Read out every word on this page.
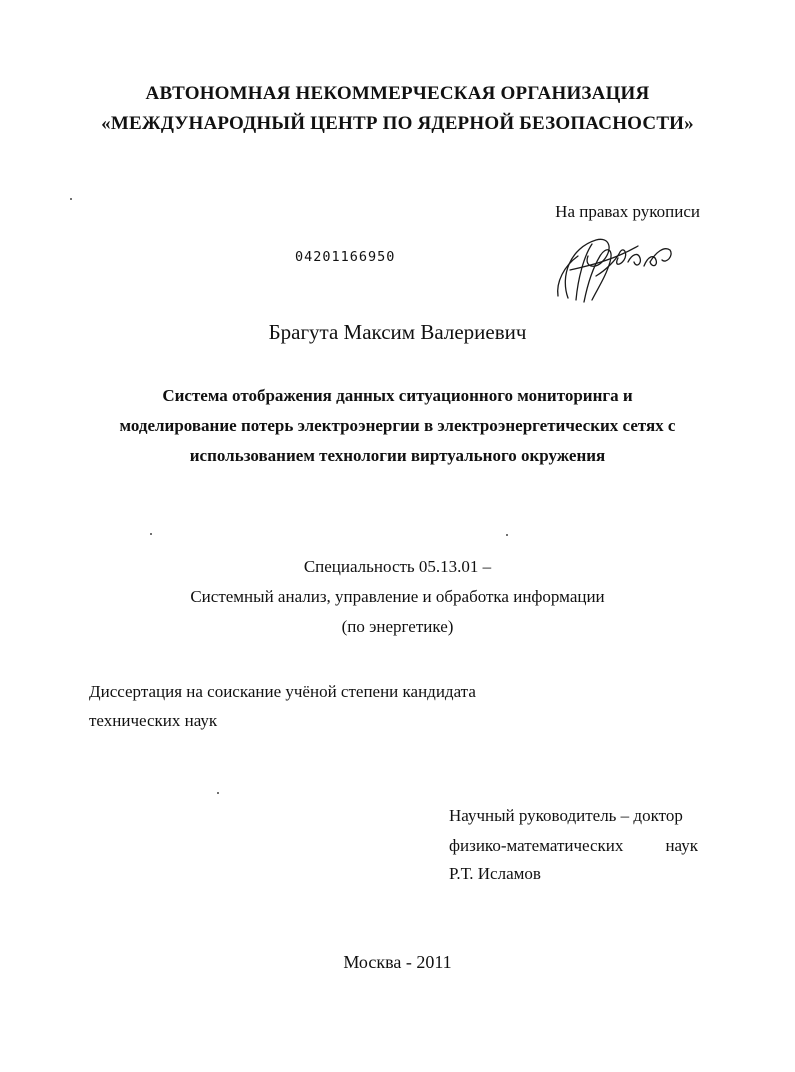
АВТОНОМНАЯ НЕКОММЕРЧЕСКАЯ ОРГАНИЗАЦИЯ
«МЕЖДУНАРОДНЫЙ ЦЕНТР ПО ЯДЕРНОЙ БЕЗОПАСНОСТИ»
На правах рукописи
04201166950
Брагута Максим Валериевич
Система отображения данных ситуационного мониторинга и
моделирование потерь электроэнергии в электроэнергетических сетях с
использованием технологии виртуального окружения
Специальность 05.13.01 –
Системный анализ, управление и обработка информации
(по энергетике)
Диссертация на соискание учёной степени кандидата
технических наук
Научный руководитель – доктор
физико-математических наук
Р.Т. Исламов
Москва - 2011
